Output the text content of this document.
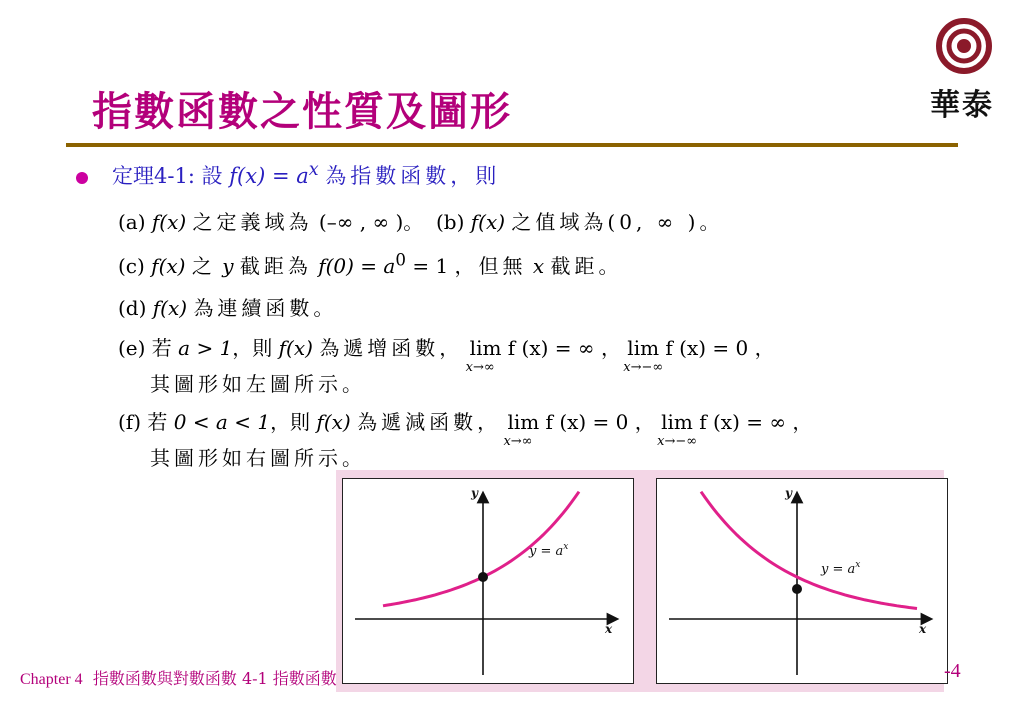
華泰
指數函數之性質及圖形
定理4-1: 設 $f(x) = a^x$ 為指數函數，則
(a) f(x) 之定義域為 (–∞ , ∞ )。 (b) f(x) 之值域為(0, ∞ )。
(c) f(x) 之 y 截距為 $f(0) = a^0 = 1$ ，但無 x 截距。
(d) f(x) 為連續函數。
(e) 若 a > 1，則 f(x) 為遞增函數， lim f (x) = ∞
x→∞
， lim f (x) = 0
x→−∞
，
其圖形如左圖所示。
(f) 若 0 < a < 1，則 f(x) 為遞減函數， lim f (x) = 0
x→∞
， lim f (x) = ∞
x→−∞
，
其圖形如右圖所示。
y
x
$y = a^x$
y
x
$y = a^x$
Chapter 4 指數函數與對數函數 4-1 指數函數	-4
